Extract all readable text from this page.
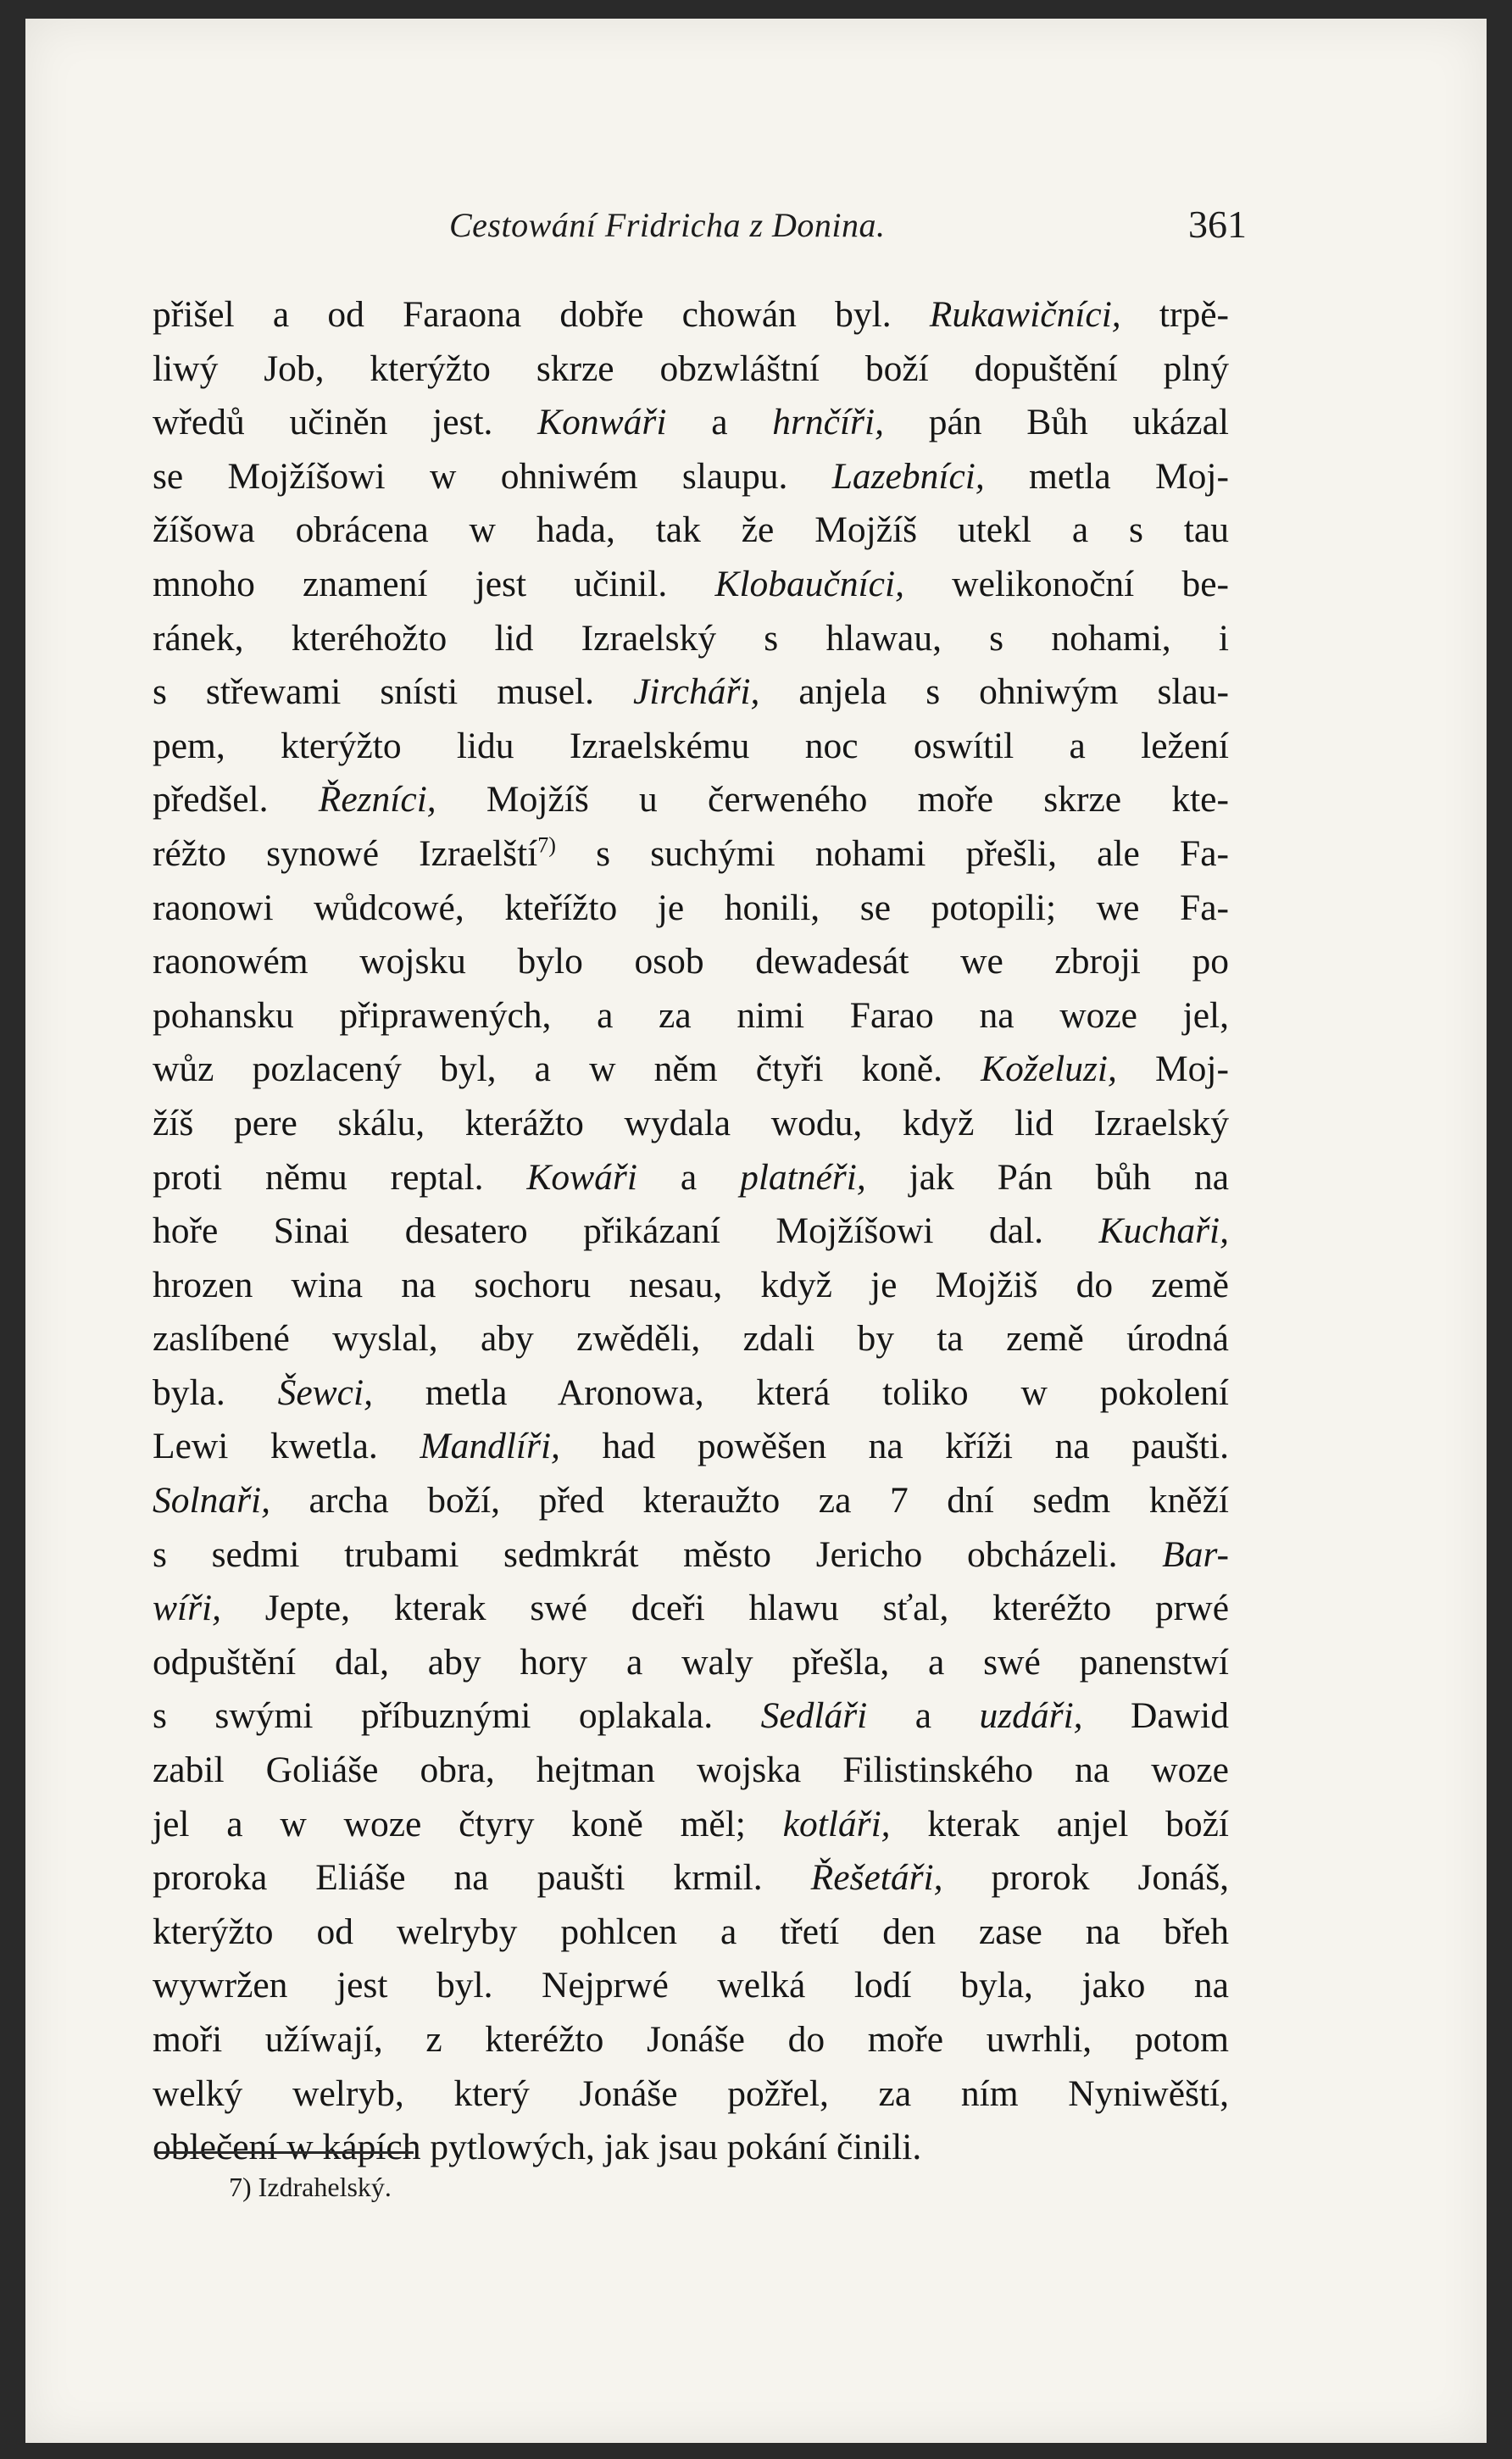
Cestowání Fridricha z Donina.	361
přišel a od Faraona dobře chowán byl. Rukawičníci, trpě-
liwý Job, kterýžto skrze obzwláštní boží dopuštění plný
wředů učiněn jest. Konwáři a hrnčíři, pán Bůh ukázal
se Mojžíšowi w ohniwém slaupu. Lazebníci, metla Moj-
žíšowa obrácena w hada, tak že Mojžíš utekl a s tau
mnoho znamení jest učinil. Klobaučníci, welikonoční be-
ránek, kteréhožto lid Izraelský s hlawau, s nohami, i
s střewami snísti musel. Jircháři, anjela s ohniwým slau-
pem, kterýžto lidu Izraelskému noc oswítil a ležení
předšel. Řezníci, Mojžíš u čerweného moře skrze kte-
réžto synowé Izraelští$^{7)}$ s suchými nohami přešli, ale Fa-
raonowi wůdcowé, kteřížto je honili, se potopili; we Fa-
raonowém wojsku bylo osob dewadesát we zbroji po
pohansku připrawených, a za nimi Farao na woze jel,
wůz pozlacený byl, a w něm čtyři koně. Koželuzi, Moj-
žíš pere skálu, kterážto wydala wodu, když lid Izraelský
proti němu reptal. Kowáři a platnéři, jak Pán bůh na
hoře Sinai desatero přikázaní Mojžíšowi dal. Kuchaři,
hrozen wina na sochoru nesau, když je Mojžiš do země
zaslíbené wyslal, aby zwěděli, zdali by ta země úrodná
byla. Šewci, metla Aronowa, která toliko w pokolení
Lewi kwetla. Mandlíři, had powěšen na kříži na paušti.
Solnaři, archa boží, před kteraužto za 7 dní sedm kněží
s sedmi trubami sedmkrát město Jericho obcházeli. Bar-
wíři, Jepte, kterak swé dceři hlawu sťal, kteréžto prwé
odpuštění dal, aby hory a waly přešla, a swé panenstwí
s swými příbuznými oplakala. Sedláři a uzdáři, Dawid
zabil Goliáše obra, hejtman wojska Filistinského na woze
jel a w woze čtyry koně měl; kotláři, kterak anjel boží
proroka Eliáše na paušti krmil. Řešetáři, prorok Jonáš,
kterýžto od welryby pohlcen a třetí den zase na břeh
wywržen jest byl. Nejprwé welká lodí byla, jako na
moři užíwají, z kteréžto Jonáše do moře uwrhli, potom
welký welryb, který Jonáše požřel, za ním Nyniwěští,
oblečení w kápích pytlowých, jak jsau pokání činili.
7) Izdrahelský.
